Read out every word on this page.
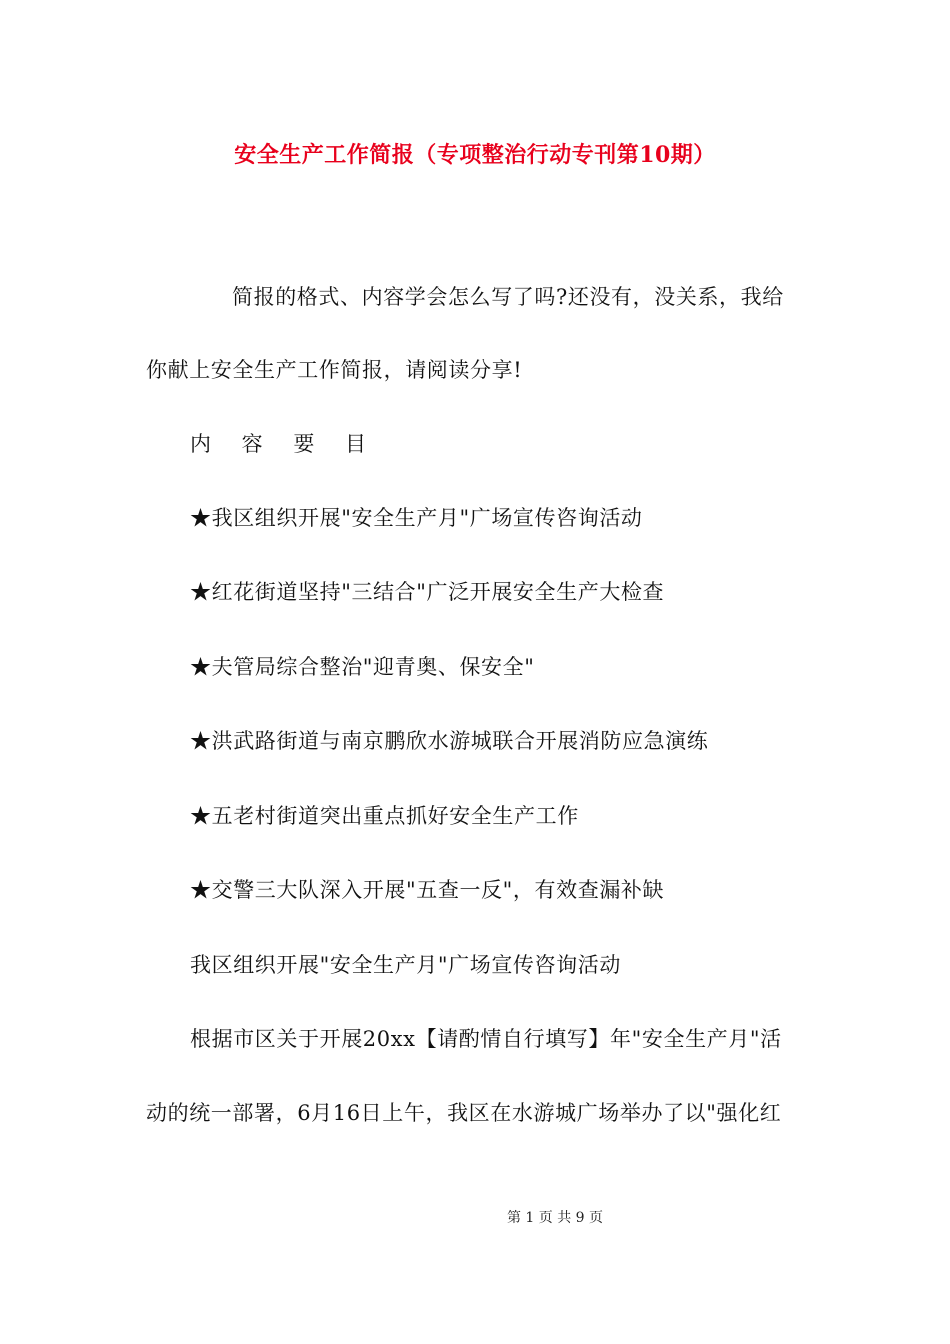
安全生产工作简报（专项整治行动专刊第10期）
简报的格式、内容学会怎么写了吗?还没有，没关系，我给
你献上安全生产工作简报，请阅读分享!
内 容 要 目
★我区组织开展"安全生产月"广场宣传咨询活动
★红花街道坚持"三结合"广泛开展安全生产大检查
★夫管局综合整治"迎青奥、保安全"
★洪武路街道与南京鹏欣水游城联合开展消防应急演练
★五老村街道突出重点抓好安全生产工作
★交警三大队深入开展"五查一反"，有效查漏补缺
我区组织开展"安全生产月"广场宣传咨询活动
根据市区关于开展20xx【请酌情自行填写】年"安全生产月"活
动的统一部署，6月16日上午，我区在水游城广场举办了以"强化红
第 1 页 共 9 页
